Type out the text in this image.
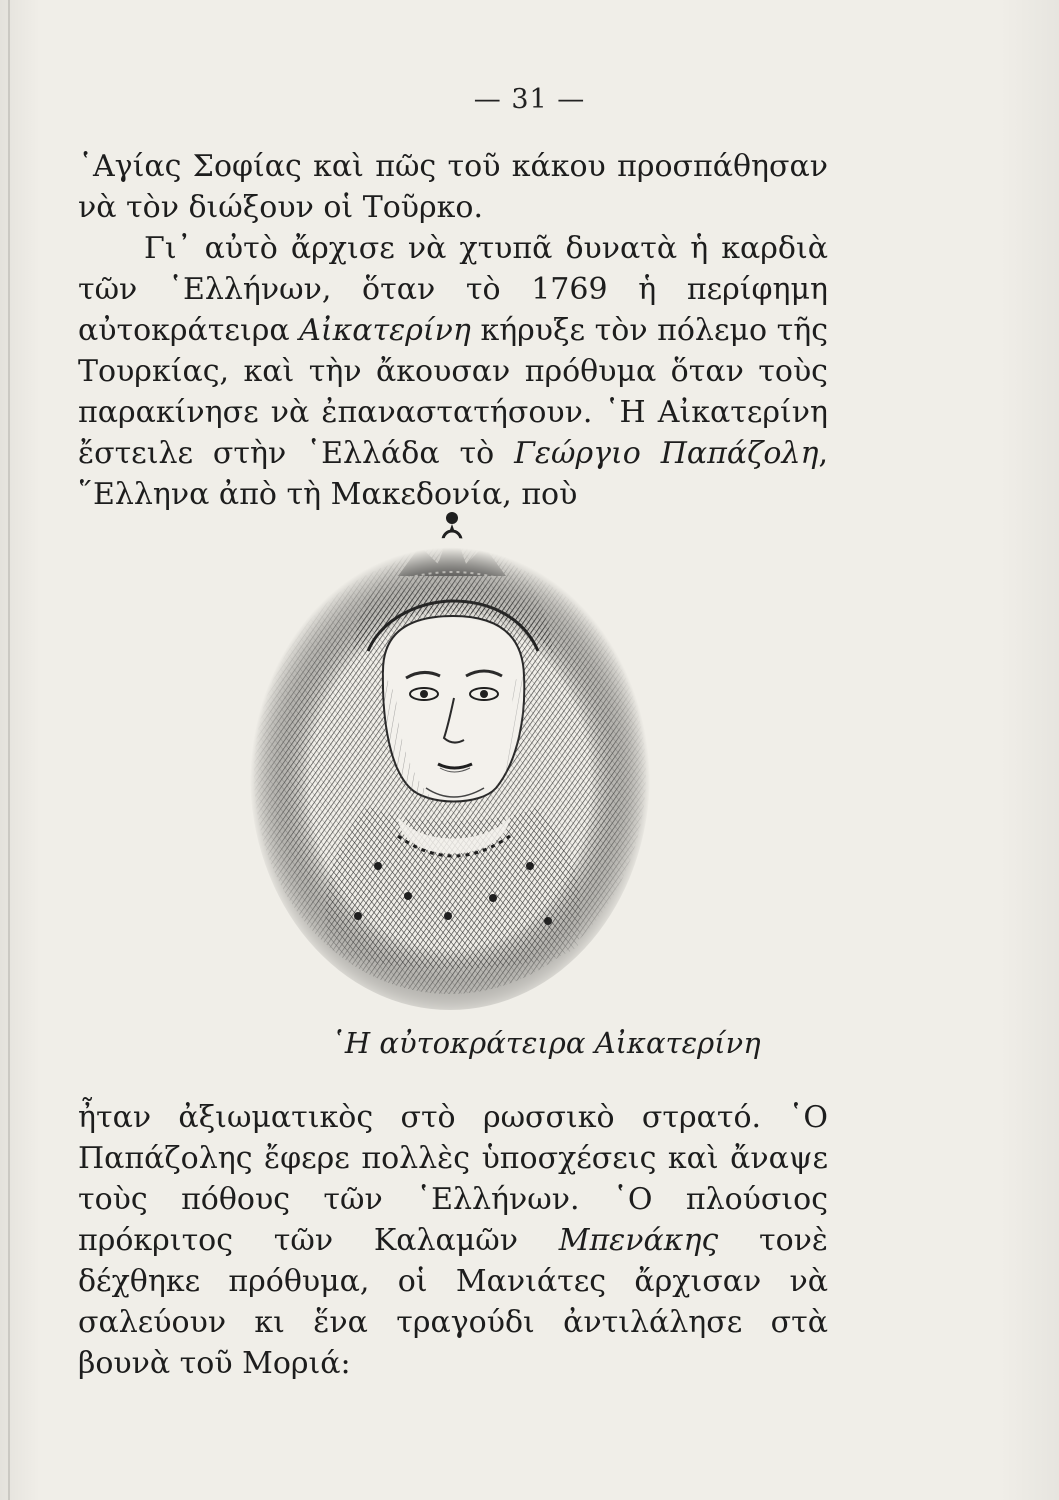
— 31 —

῾Αγίας Σοφίας καὶ πῶς τοῦ κάκου προσπάθησαν νὰ τὸν διώξουν οἱ Τοῦρκο.

Γι᾿ αὐτὸ ἄρχισε νὰ χτυπᾶ δυνατὰ ἡ καρδιὰ τῶν ῾Ελλήνων, ὅταν τὸ 1769 ἡ περίφημη αὐτοκράτειρα Αἰκατερίνη κήρυξε τὸν πόλεμο τῆς Τουρκίας, καὶ τὴν ἄκουσαν πρόθυμα ὅταν τοὺς παρακίνησε νὰ ἐπαναστατήσουν. ῾Η Αἰκατερίνη ἔστειλε στὴν ῾Ελλάδα τὸ Γεώργιο Παπάζολη, ῞Ελληνα ἀπὸ τὴ Μακεδονία, ποὺ

῾Η αὐτοκράτειρα Αἰκατερίνη

ἦταν ἀξιωματικὸς στὸ ρωσσικὸ στρατό. ῾Ο Παπάζολης ἔφερε πολλὲς ὑποσχέσεις καὶ ἄναψε τοὺς πόθους τῶν ῾Ελλήνων. ῾Ο πλούσιος πρόκριτος τῶν Καλαμῶν Μπενάκης τονὲ δέχθηκε πρόθυμα, οἱ Μανιάτες ἄρχισαν νὰ σαλεύουν κι ἕνα τραγούδι ἀντιλάλησε στὰ βουνὰ τοῦ Μοριά:
